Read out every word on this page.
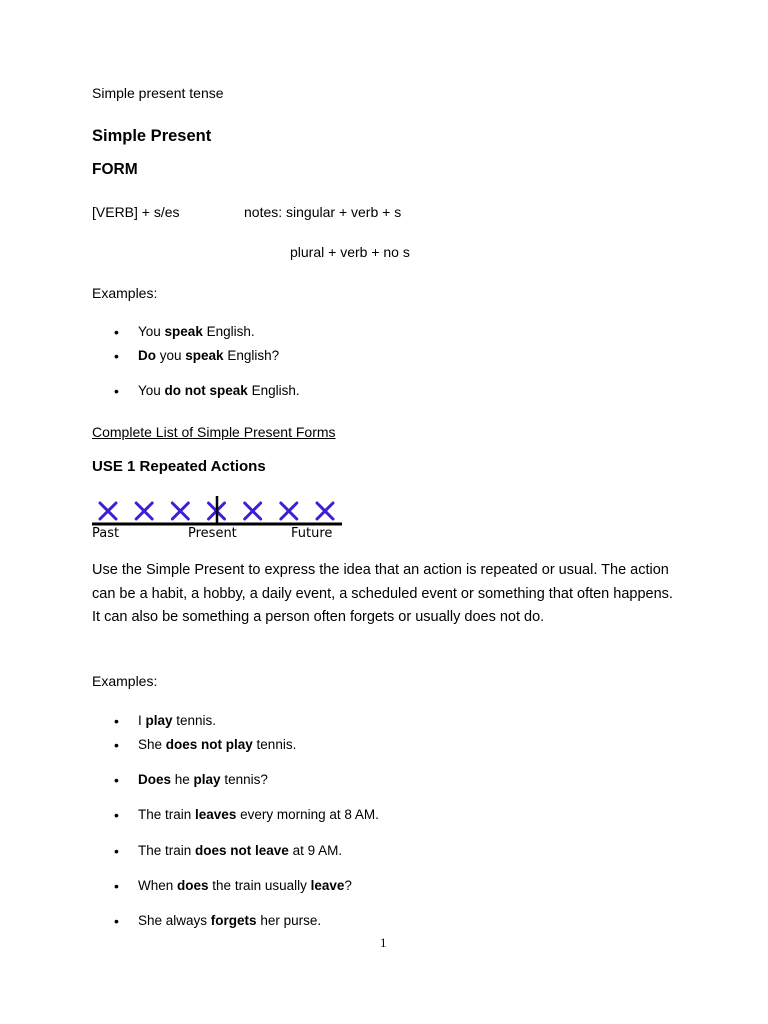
Simple present tense
Simple Present
FORM
[VERB] + s/es	notes: singular + verb + s
plural + verb + no s
Examples:
• You speak English.
• Do you speak English?
• You do not speak English.
Complete List of Simple Present Forms
USE 1 Repeated Actions
Past	Present	Future
Use the Simple Present to express the idea that an action is repeated or usual. The action can be a habit, a hobby, a daily event, a scheduled event or something that often happens. It can also be something a person often forgets or usually does not do.
Examples:
• I play tennis.
• She does not play tennis.
• Does he play tennis?
• The train leaves every morning at 8 AM.
• The train does not leave at 9 AM.
• When does the train usually leave?
• She always forgets her purse.
1
